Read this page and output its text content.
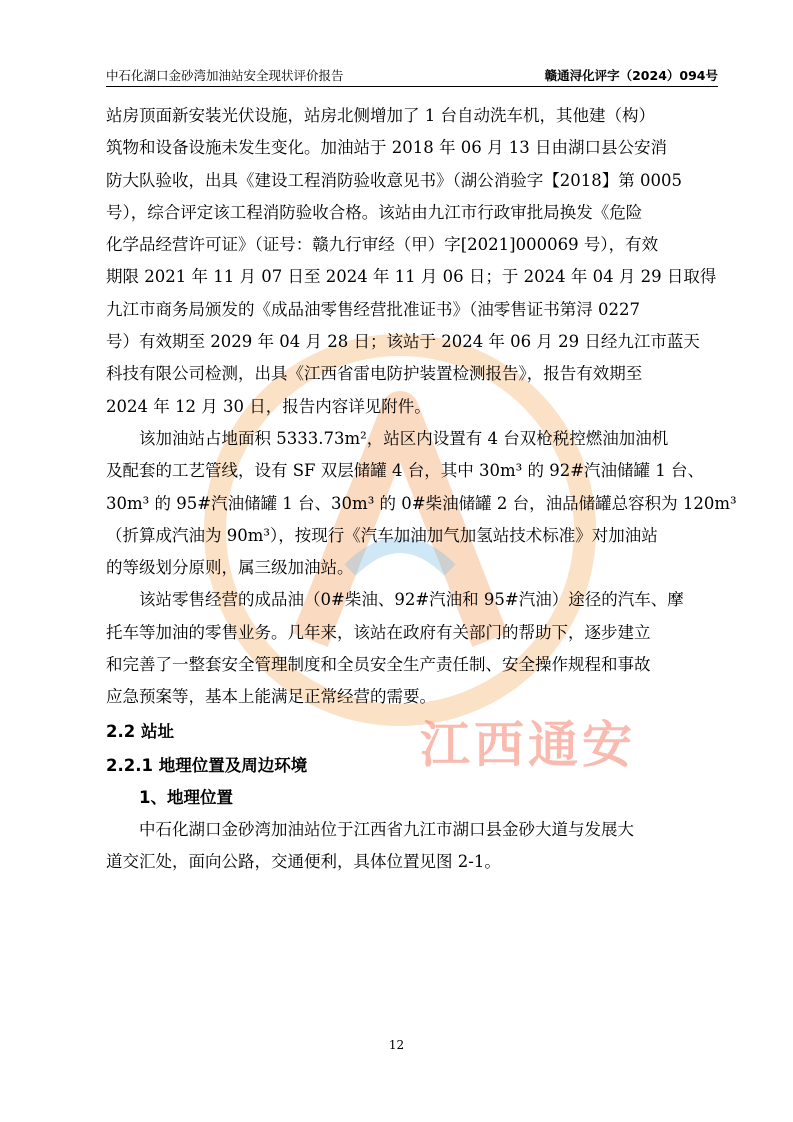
中石化湖口金砂湾加油站安全现状评价报告	赣通浔化评字（2024）094号
江西通安
站房顶面新安装光伏设施，站房北侧增加了 1 台自动洗车机，其他建（构）
筑物和设备设施未发生变化。加油站于 2018 年 06 月 13 日由湖口县公安消
防大队验收，出具《建设工程消防验收意见书》（湖公消验字【2018】第 0005
号），综合评定该工程消防验收合格。该站由九江市行政审批局换发《危险
化学品经营许可证》（证号：赣九行审经（甲）字[2021]000069 号），有效
期限 2021 年 11 月 07 日至 2024 年 11 月 06 日；于 2024 年 04 月 29 日取得
九江市商务局颁发的《成品油零售经营批准证书》（油零售证书第浔 0227
号）有效期至 2029 年 04 月 28 日；该站于 2024 年 06 月 29 日经九江市蓝天
科技有限公司检测，出具《江西省雷电防护装置检测报告》，报告有效期至
2024 年 12 月 30 日，报告内容详见附件。
该加油站占地面积 5333.73m²，站区内设置有 4 台双枪税控燃油加油机
及配套的工艺管线，设有 SF 双层储罐 4 台，其中 30m³ 的 92#汽油储罐 1 台、
30m³ 的 95#汽油储罐 1 台、30m³ 的 0#柴油储罐 2 台，油品储罐总容积为 120m³
（折算成汽油为 90m³），按现行《汽车加油加气加氢站技术标准》对加油站
的等级划分原则，属三级加油站。
该站零售经营的成品油（0#柴油、92#汽油和 95#汽油）途径的汽车、摩
托车等加油的零售业务。几年来，该站在政府有关部门的帮助下，逐步建立
和完善了一整套安全管理制度和全员安全生产责任制、安全操作规程和事故
应急预案等，基本上能满足正常经营的需要。
2.2 站址
2.2.1 地理位置及周边环境
1、地理位置
中石化湖口金砂湾加油站位于江西省九江市湖口县金砂大道与发展大
道交汇处，面向公路，交通便利，具体位置见图 2-1。
12
